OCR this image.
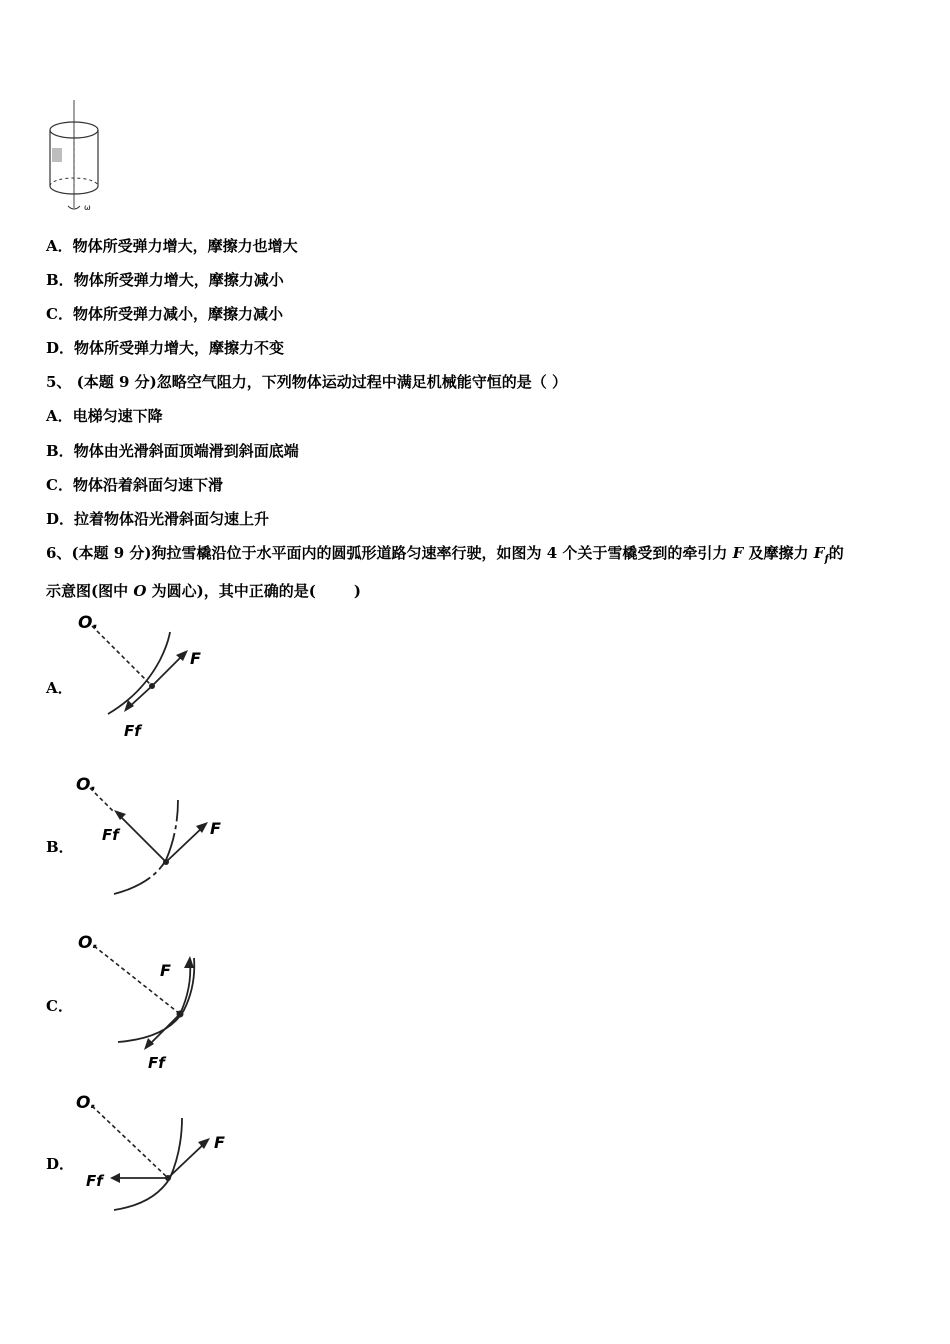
ω
A．物体所受弹力增大，摩擦力也增大
B．物体所受弹力增大，摩擦力减小
C．物体所受弹力减小，摩擦力减小
D．物体所受弹力增大，摩擦力不变
5、 (本题 9 分)忽略空气阻力，下列物体运动过程中满足机械能守恒的是（ ）
A．电梯匀速下降
B．物体由光滑斜面顶端滑到斜面底端
C．物体沿着斜面匀速下滑
D．拉着物体沿光滑斜面匀速上升
6、(本题 9 分)狗拉雪橇沿位于水平面内的圆弧形道路匀速率行驶，如图为 4 个关于雪橇受到的牵引力 F 及摩擦力 $F_f$的
示意图(图中 O 为圆心)，其中正确的是(	)
A．
O.
F
Ff
B．
O.
F
Ff
C．
O.
F
Ff
D．
O.
F
Ff
